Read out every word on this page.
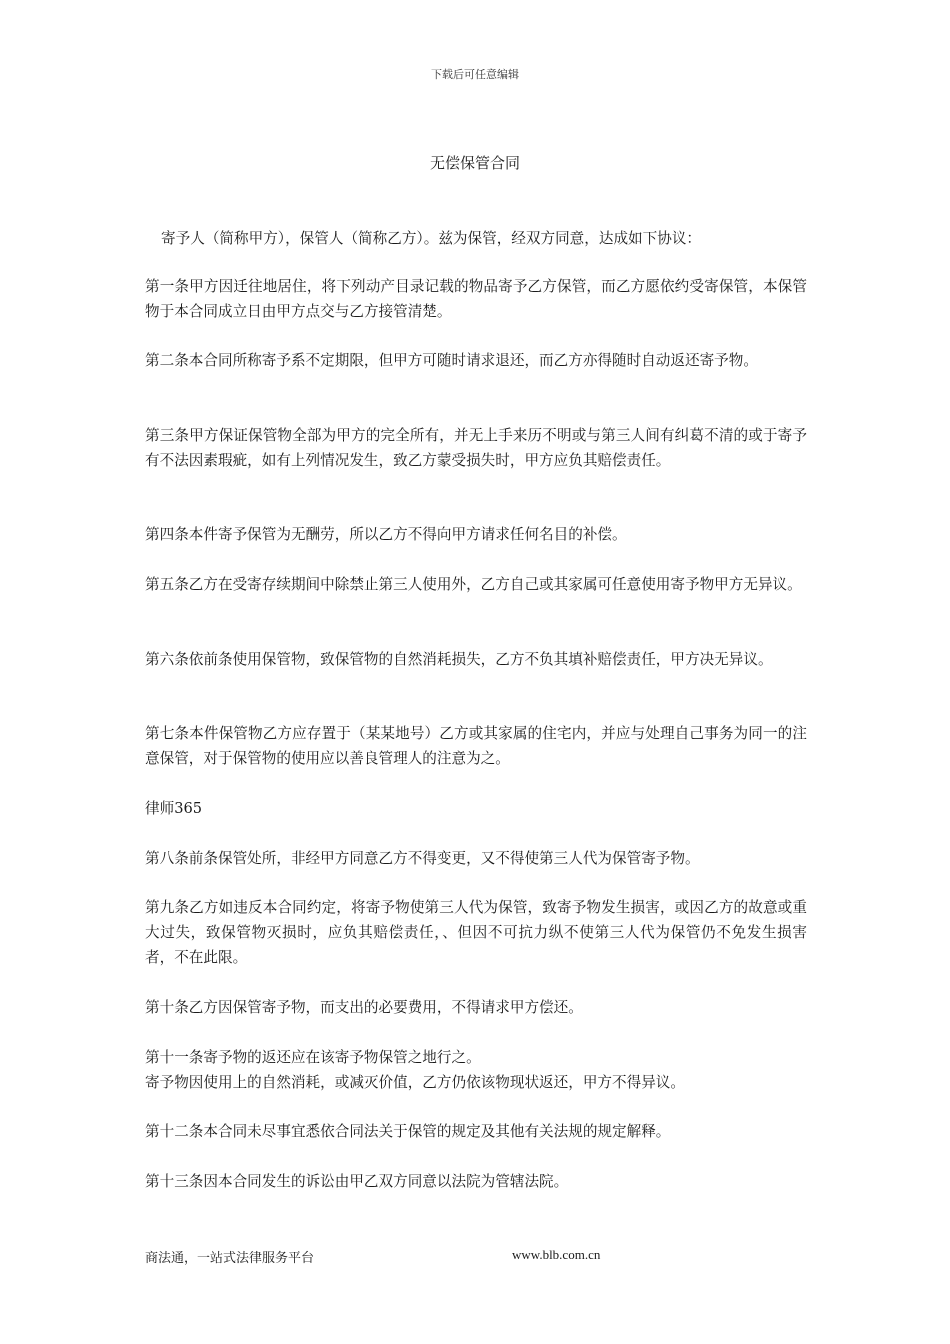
下载后可任意编辑
无偿保管合同

寄予人（简称甲方），保管人（简称乙方）。兹为保管，经双方同意，达成如下协议：

第一条甲方因迁往地居住，将下列动产目录记载的物品寄予乙方保管，而乙方愿依约受寄保管，本保管物于本合同成立日由甲方点交与乙方接管清楚。

第二条本合同所称寄予系不定期限，但甲方可随时请求退还，而乙方亦得随时自动返还寄予物。

第三条甲方保证保管物全部为甲方的完全所有，并无上手来历不明或与第三人间有纠葛不清的或于寄予有不法因素瑕疵，如有上列情况发生，致乙方蒙受损失时，甲方应负其赔偿责任。

第四条本件寄予保管为无酬劳，所以乙方不得向甲方请求任何名目的补偿。

第五条乙方在受寄存续期间中除禁止第三人使用外，乙方自己或其家属可任意使用寄予物甲方无异议。

第六条依前条使用保管物，致保管物的自然消耗损失，乙方不负其填补赔偿责任，甲方决无异议。

第七条本件保管物乙方应存置于（某某地号）乙方或其家属的住宅内，并应与处理自己事务为同一的注意保管，对于保管物的使用应以善良管理人的注意为之。

律师365

第八条前条保管处所，非经甲方同意乙方不得变更，又不得使第三人代为保管寄予物。

第九条乙方如违反本合同约定，将寄予物使第三人代为保管，致寄予物发生损害，或因乙方的故意或重大过失，致保管物灭损时，应负其赔偿责任，、但因不可抗力纵不使第三人代为保管仍不免发生损害者，不在此限。

第十条乙方因保管寄予物，而支出的必要费用，不得请求甲方偿还。

第十一条寄予物的返还应在该寄予物保管之地行之。

寄予物因使用上的自然消耗，或减灭价值，乙方仍依该物现状返还，甲方不得异议。

第十二条本合同未尽事宜悉依合同法关于保管的规定及其他有关法规的规定解释。

第十三条因本合同发生的诉讼由甲乙双方同意以法院为管辖法院。

商法通，一站式法律服务平台	www.blb.com.cn
